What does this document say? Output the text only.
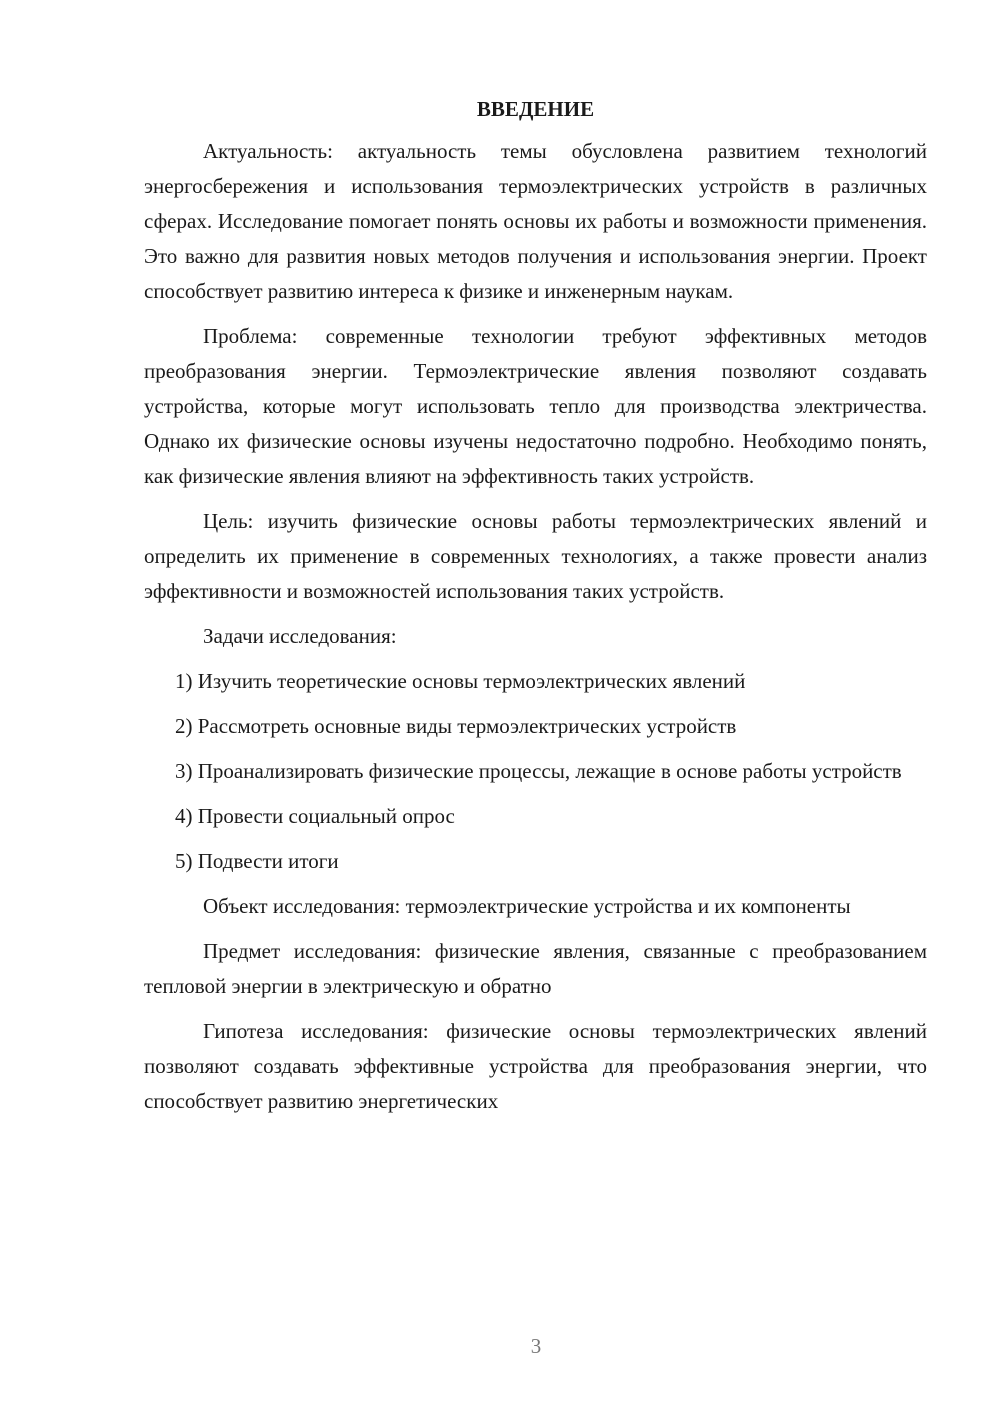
ВВЕДЕНИЕ

Актуальность: актуальность темы обусловлена развитием технологий энергосбережения и использования термоэлектрических устройств в различных сферах. Исследование помогает понять основы их работы и возможности применения. Это важно для развития новых методов получения и использования энергии. Проект способствует развитию интереса к физике и инженерным наукам.

Проблема: современные технологии требуют эффективных методов преобразования энергии. Термоэлектрические явления позволяют создавать устройства, которые могут использовать тепло для производства электричества. Однако их физические основы изучены недостаточно подробно. Необходимо понять, как физические явления влияют на эффективность таких устройств.

Цель: изучить физические основы работы термоэлектрических явлений и определить их применение в современных технологиях, а также провести анализ эффективности и возможностей использования таких устройств.

Задачи исследования:

1) Изучить теоретические основы термоэлектрических явлений

2) Рассмотреть основные виды термоэлектрических устройств

3) Проанализировать физические процессы, лежащие в основе работы устройств

4) Провести социальный опрос

5) Подвести итоги

Объект исследования: термоэлектрические устройства и их компоненты

Предмет исследования: физические явления, связанные с преобразованием тепловой энергии в электрическую и обратно

Гипотеза исследования: физические основы термоэлектрических явлений позволяют создавать эффективные устройства для преобразования энергии, что способствует развитию энергетических

3
